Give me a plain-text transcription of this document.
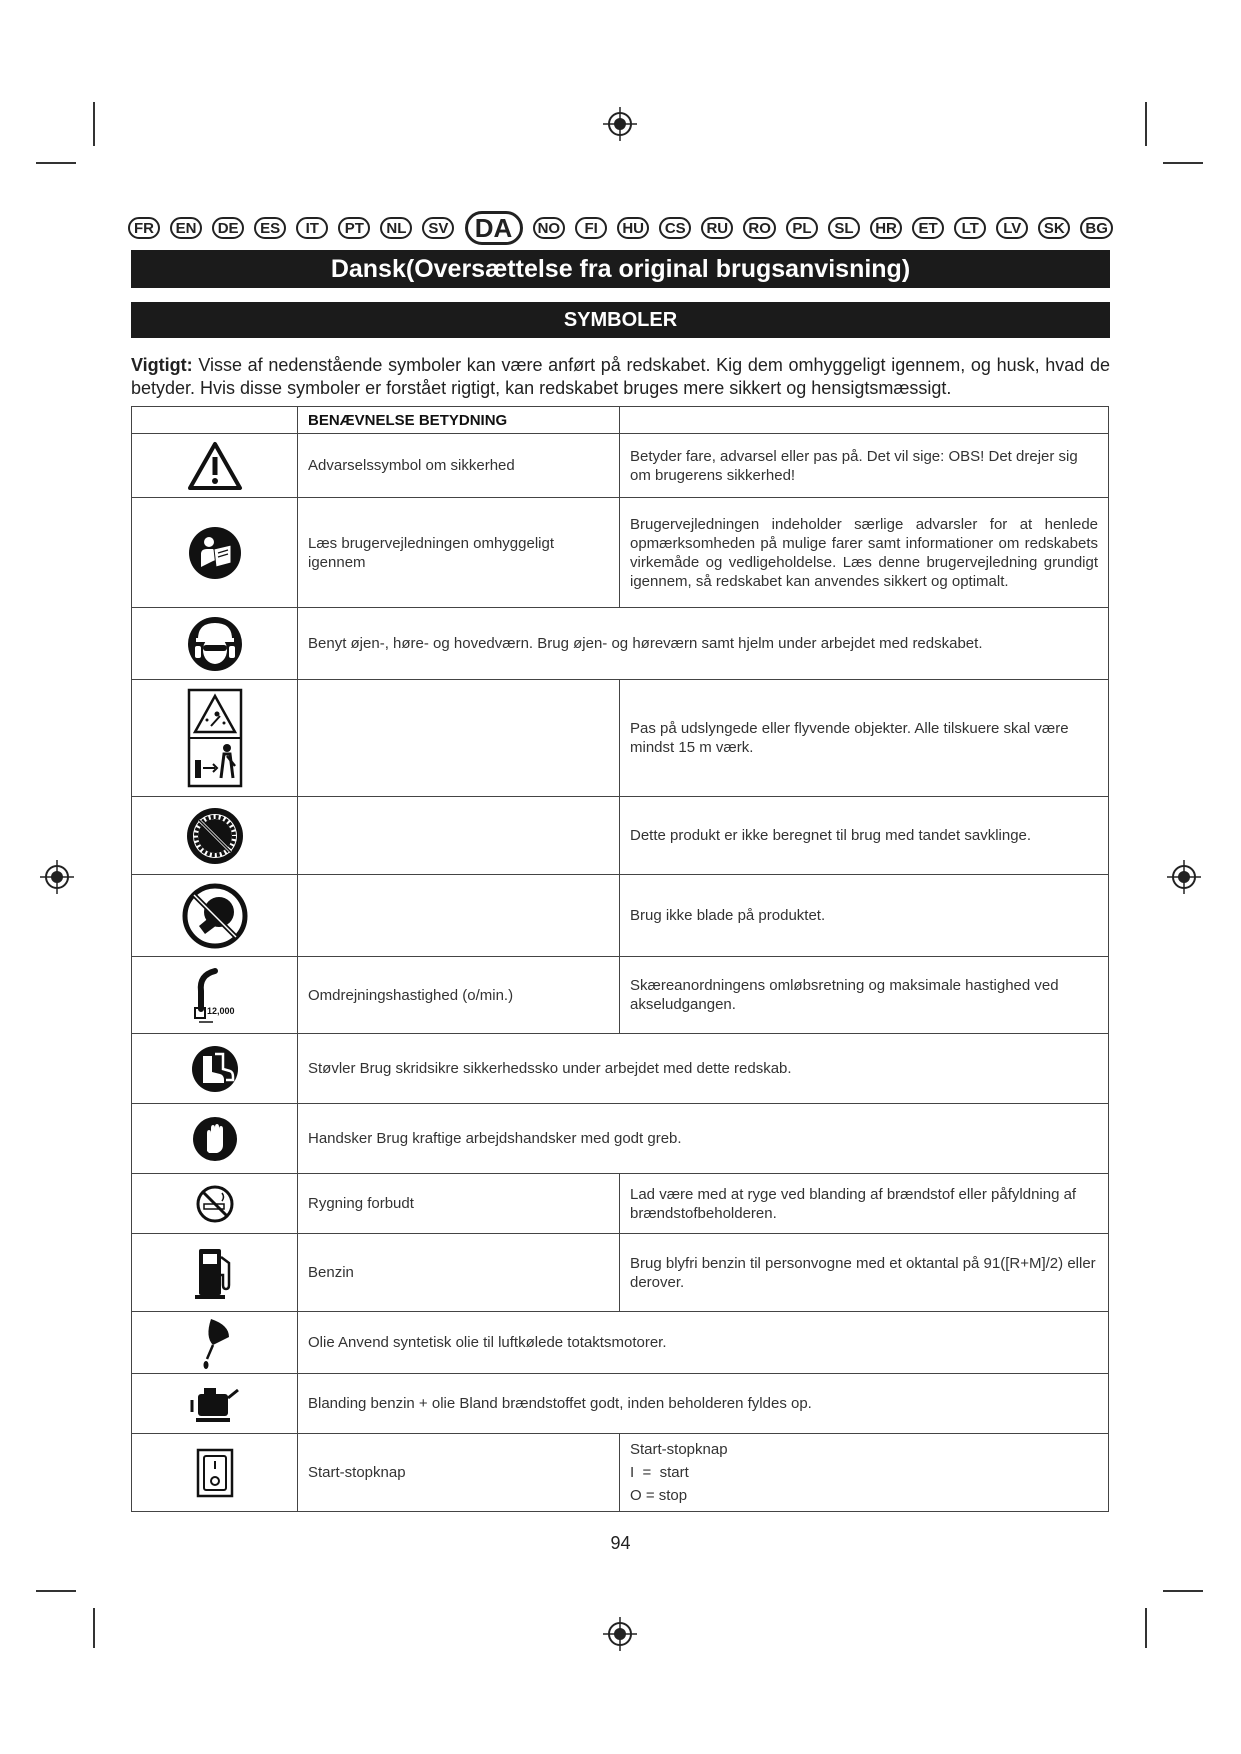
FR	EN	DE	ES	IT	PT	NL	SV	DA	NO	FI	HU	CS	RU	RO	PL	SL	HR	ET	LT	LV	SK	BG
Dansk(Oversættelse fra original brugsanvisning)
SYMBOLER
Vigtigt: Visse af nedenstående symboler kan være anført på redskabet. Kig dem omhyggeligt igennem, og husk, hvad de betyder. Hvis disse symboler er forstået rigtigt, kan redskabet bruges mere sikkert og hensigtsmæssigt.
	BENÆVNELSE BETYDNING	

	Advarselssymbol om sikkerhed	Betyder fare, advarsel eller pas på. Det vil sige: OBS! Det drejer sig om brugerens sikkerhed!

	Læs brugervejledningen omhyggeligt igennem	Brugervejledningen indeholder særlige advarsler for at henlede opmærksomheden på mulige farer samt informationer om redskabets virkemåde og vedligeholdelse. Læs denne brugervejledning grundigt igennem, så redskabet kan anvendes sikkert og optimalt.

	Benyt øjen-, høre- og hovedværn. Brug øjen- og høreværn samt hjelm under arbejdet med redskabet.	

		Pas på udslyngede eller flyvende objekter. Alle tilskuere skal være mindst 15 m værk.

		Dette produkt er ikke beregnet til brug med tandet savklinge.

		Brug ikke blade på produktet.

12,000	Omdrejningshastighed (o/min.)	Skæreanordningens omløbsretning og maksimale hastighed ved akseludgangen.

	Støvler Brug skridsikre sikkerhedssko under arbejdet med dette redskab.	

	Handsker Brug kraftige arbejdshandsker med godt greb.	

	Rygning forbudt	Lad være med at ryge ved blanding af brændstof eller påfyldning af brændstofbeholderen.

	Benzin	Brug blyfri benzin til personvogne med et oktantal på 91([R+M]/2) eller derover.

	Olie Anvend syntetisk olie til luftkølede totaktsmotorer.	

	Blanding benzin + olie Bland brændstoffet godt, inden beholderen fyldes op.	

	Start-stopknap	Start-stopknap
I  =  start
O = stop
94
